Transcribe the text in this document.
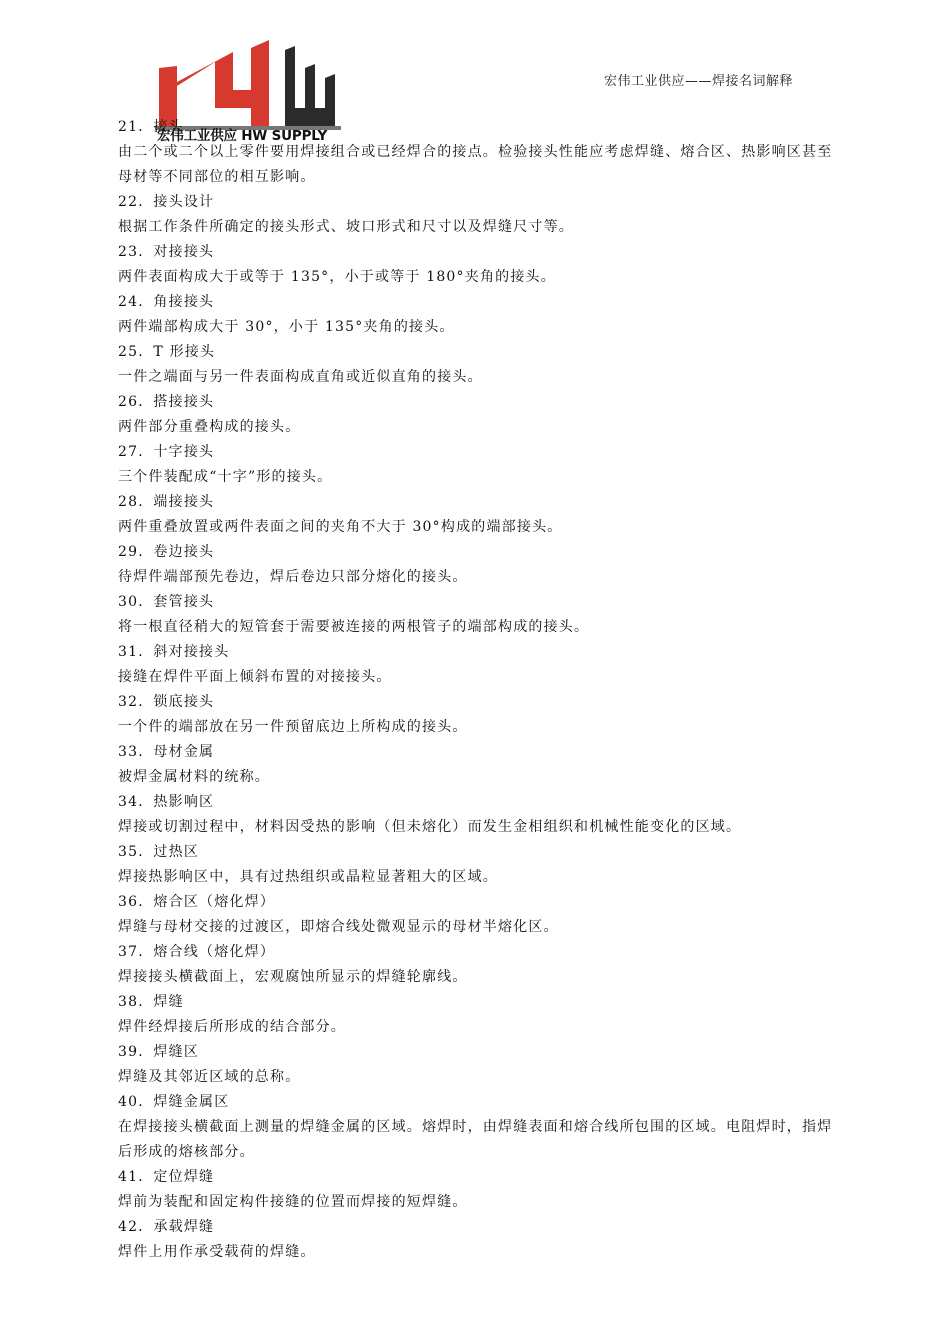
宏伟工业供应 HW SUPPLY
宏伟工业供应——焊接名词解释

21．接头

由二个或二个以上零件要用焊接组合或已经焊合的接点。检验接头性能应考虑焊缝、熔合区、热影响区甚至母材等不同部位的相互影响。

22．接头设计

根据工作条件所确定的接头形式、坡口形式和尺寸以及焊缝尺寸等。

23．对接接头

两件表面构成大于或等于 135°，小于或等于 180°夹角的接头。

24．角接接头

两件端部构成大于 30°，小于 135°夹角的接头。

25．T 形接头

一件之端面与另一件表面构成直角或近似直角的接头。

26．搭接接头

两件部分重叠构成的接头。

27．十字接头

三个件装配成“十字”形的接头。

28．端接接头

两件重叠放置或两件表面之间的夹角不大于 30°构成的端部接头。

29．卷边接头

待焊件端部预先卷边，焊后卷边只部分熔化的接头。

30．套管接头

将一根直径稍大的短管套于需要被连接的两根管子的端部构成的接头。

31．斜对接接头

接缝在焊件平面上倾斜布置的对接接头。

32．锁底接头

一个件的端部放在另一件预留底边上所构成的接头。

33．母材金属

被焊金属材料的统称。

34．热影响区

焊接或切割过程中，材料因受热的影响（但未熔化）而发生金相组织和机械性能变化的区域。

35．过热区

焊接热影响区中，具有过热组织或晶粒显著粗大的区域。

36．熔合区（熔化焊）

焊缝与母材交接的过渡区，即熔合线处微观显示的母材半熔化区。

37．熔合线（熔化焊）

焊接接头横截面上，宏观腐蚀所显示的焊缝轮廓线。

38．焊缝

焊件经焊接后所形成的结合部分。

39．焊缝区

焊缝及其邻近区域的总称。

40．焊缝金属区

在焊接接头横截面上测量的焊缝金属的区域。熔焊时，由焊缝表面和熔合线所包围的区域。电阻焊时，指焊后形成的熔核部分。

41．定位焊缝

焊前为装配和固定构件接缝的位置而焊接的短焊缝。

42．承载焊缝

焊件上用作承受载荷的焊缝。
